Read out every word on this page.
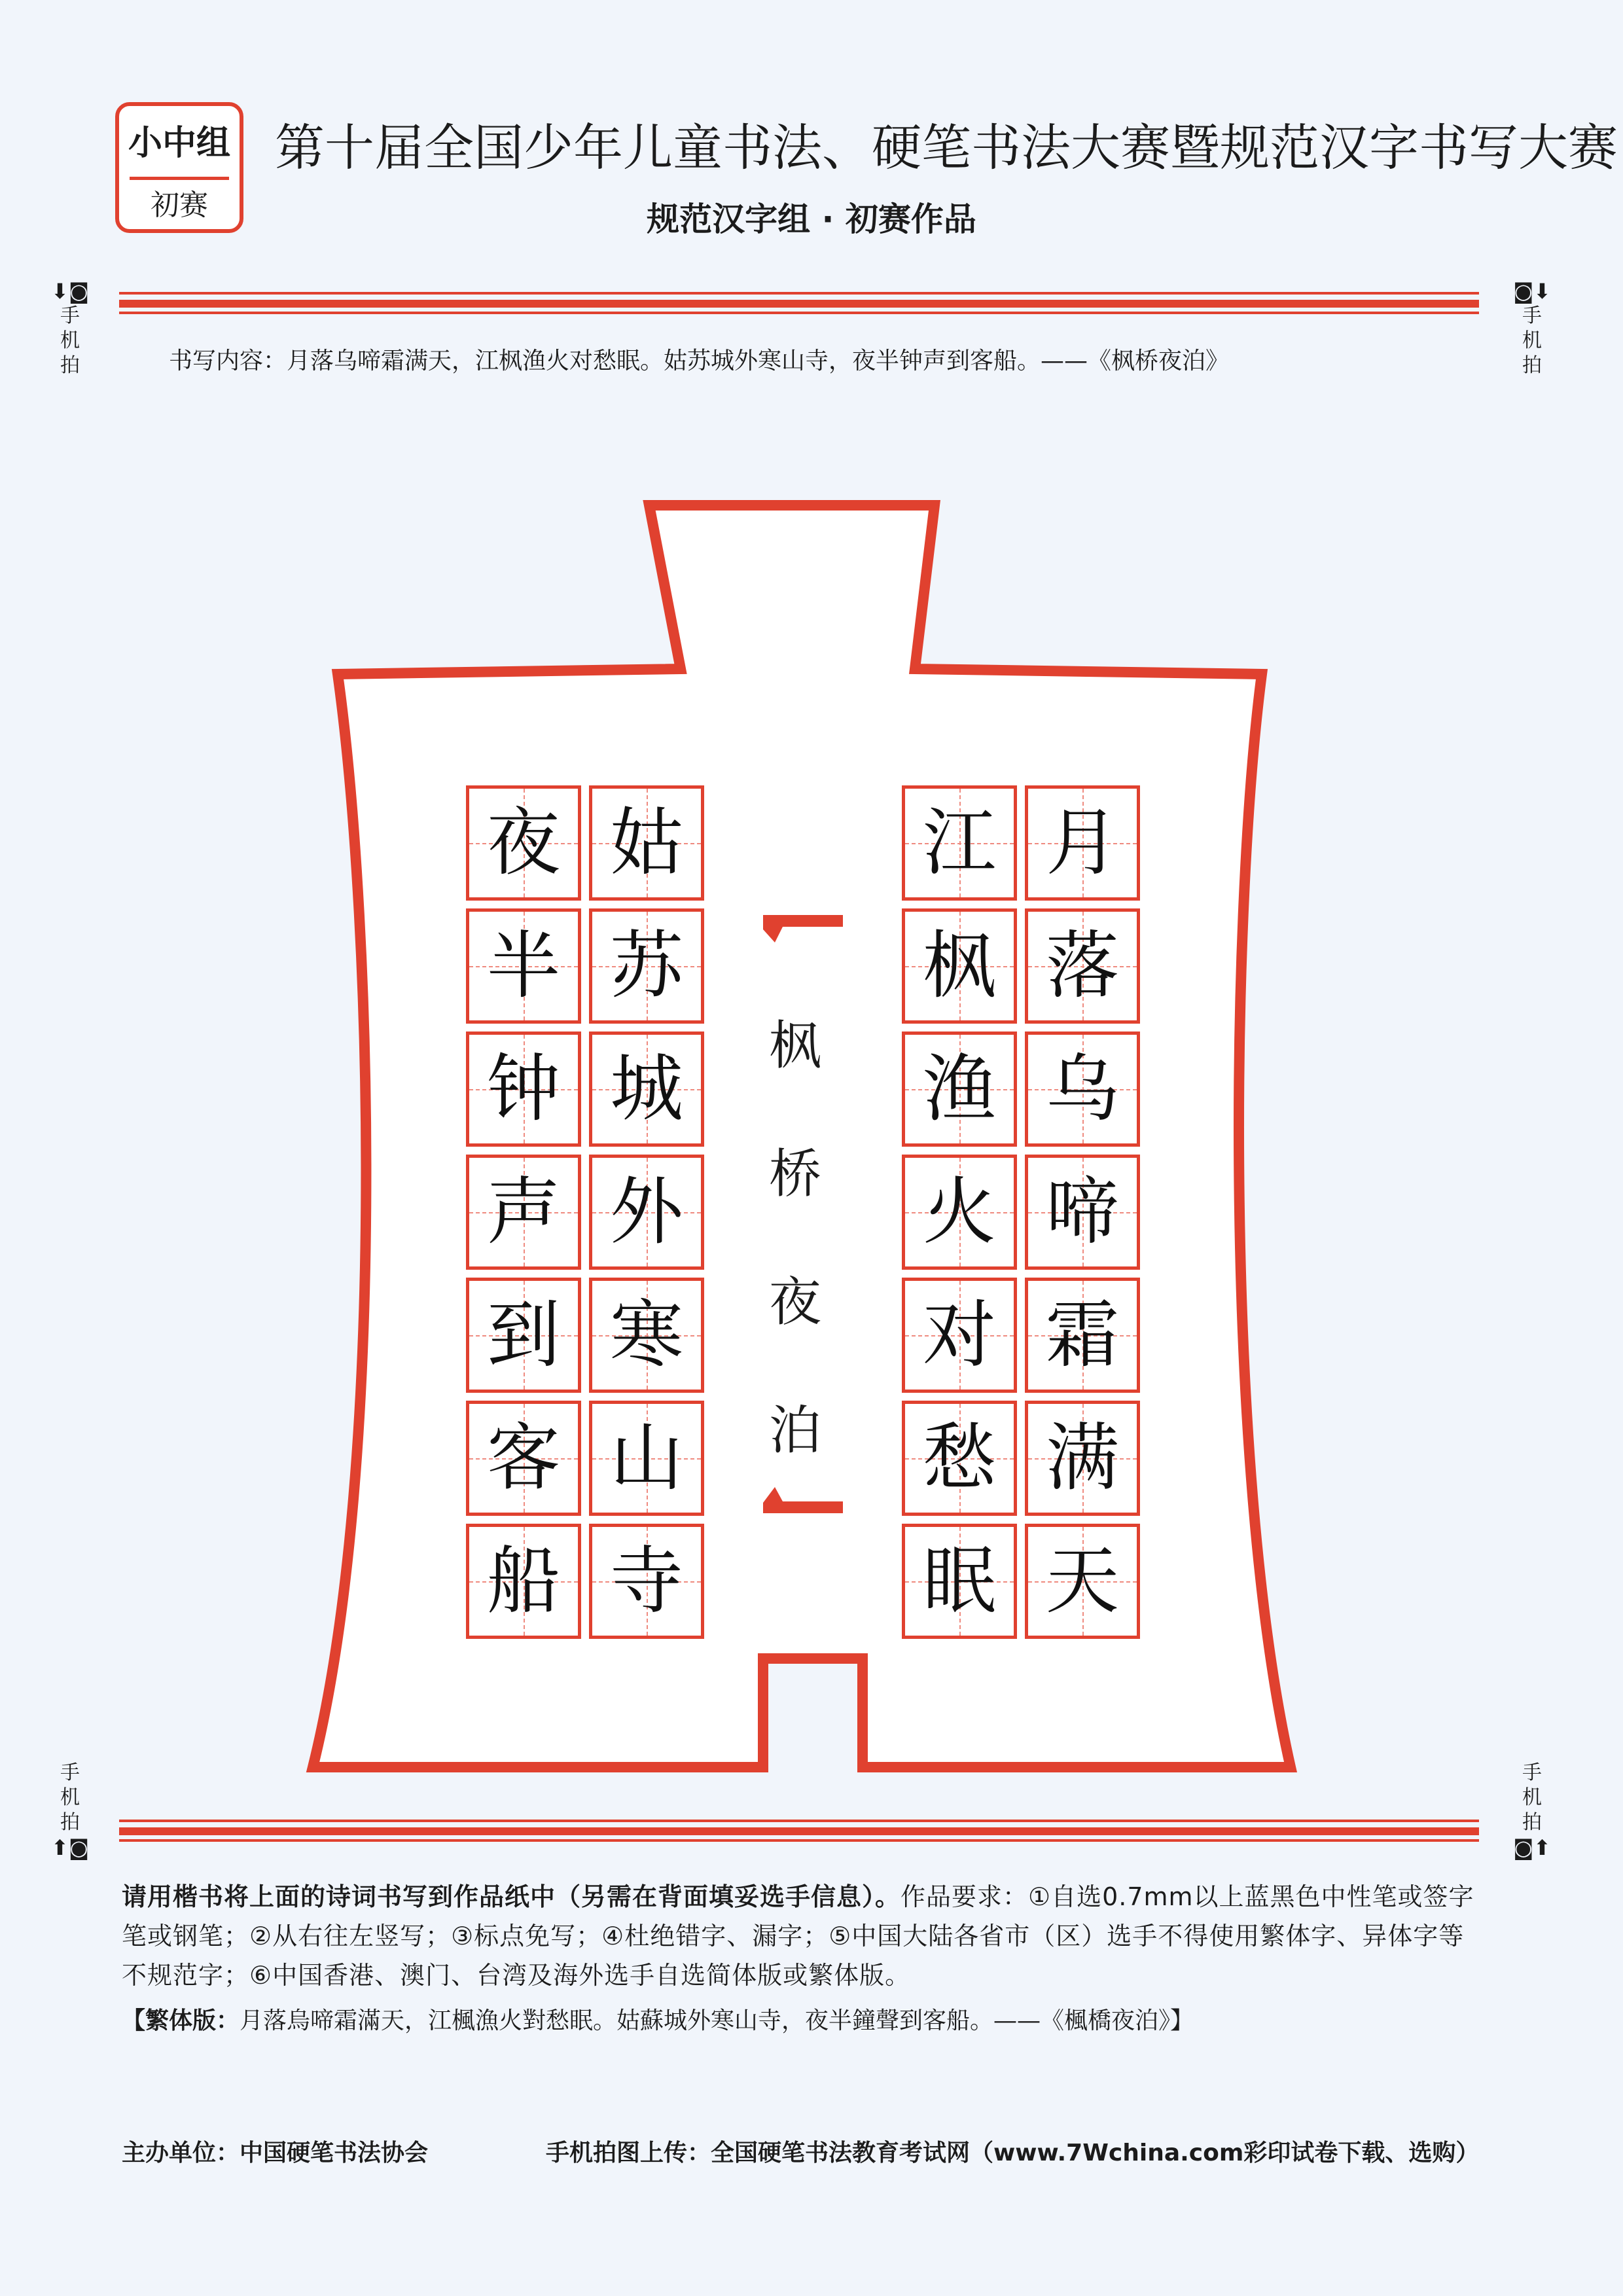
小中组
初赛
第十届全国少年儿童书法、硬笔书法大赛暨规范汉字书写大赛
规范汉字组 · 初赛作品
⬇◙
手
机
拍
◙⬇
手
机
拍
手
机
拍
⬆◙
手
机
拍
◙⬆
书写内容：月落乌啼霜满天，江枫渔火对愁眠。姑苏城外寒山寺，夜半钟声到客船。——《枫桥夜泊》
月
落
乌
啼
霜
满
天
江
枫
渔
火
对
愁
眠
姑
苏
城
外
寒
山
寺
夜
半
钟
声
到
客
船
枫
桥
夜
泊
请用楷书将上面的诗词书写到作品纸中（另需在背面填妥选手信息）。作品要求：①自选0.7mm以上蓝黑色中性笔或签字笔或钢笔；②从右往左竖写；③标点免写；④杜绝错字、漏字；⑤中国大陆各省市（区）选手不得使用繁体字、异体字等不规范字；⑥中国香港、澳门、台湾及海外选手自选简体版或繁体版。
【繁体版：月落烏啼霜滿天，江楓漁火對愁眠。姑蘇城外寒山寺，夜半鐘聲到客船。——《楓橋夜泊》】
主办单位：中国硬笔书法协会	手机拍图上传：全国硬笔书法教育考试网（www.7Wchina.com彩印试卷下载、选购）
